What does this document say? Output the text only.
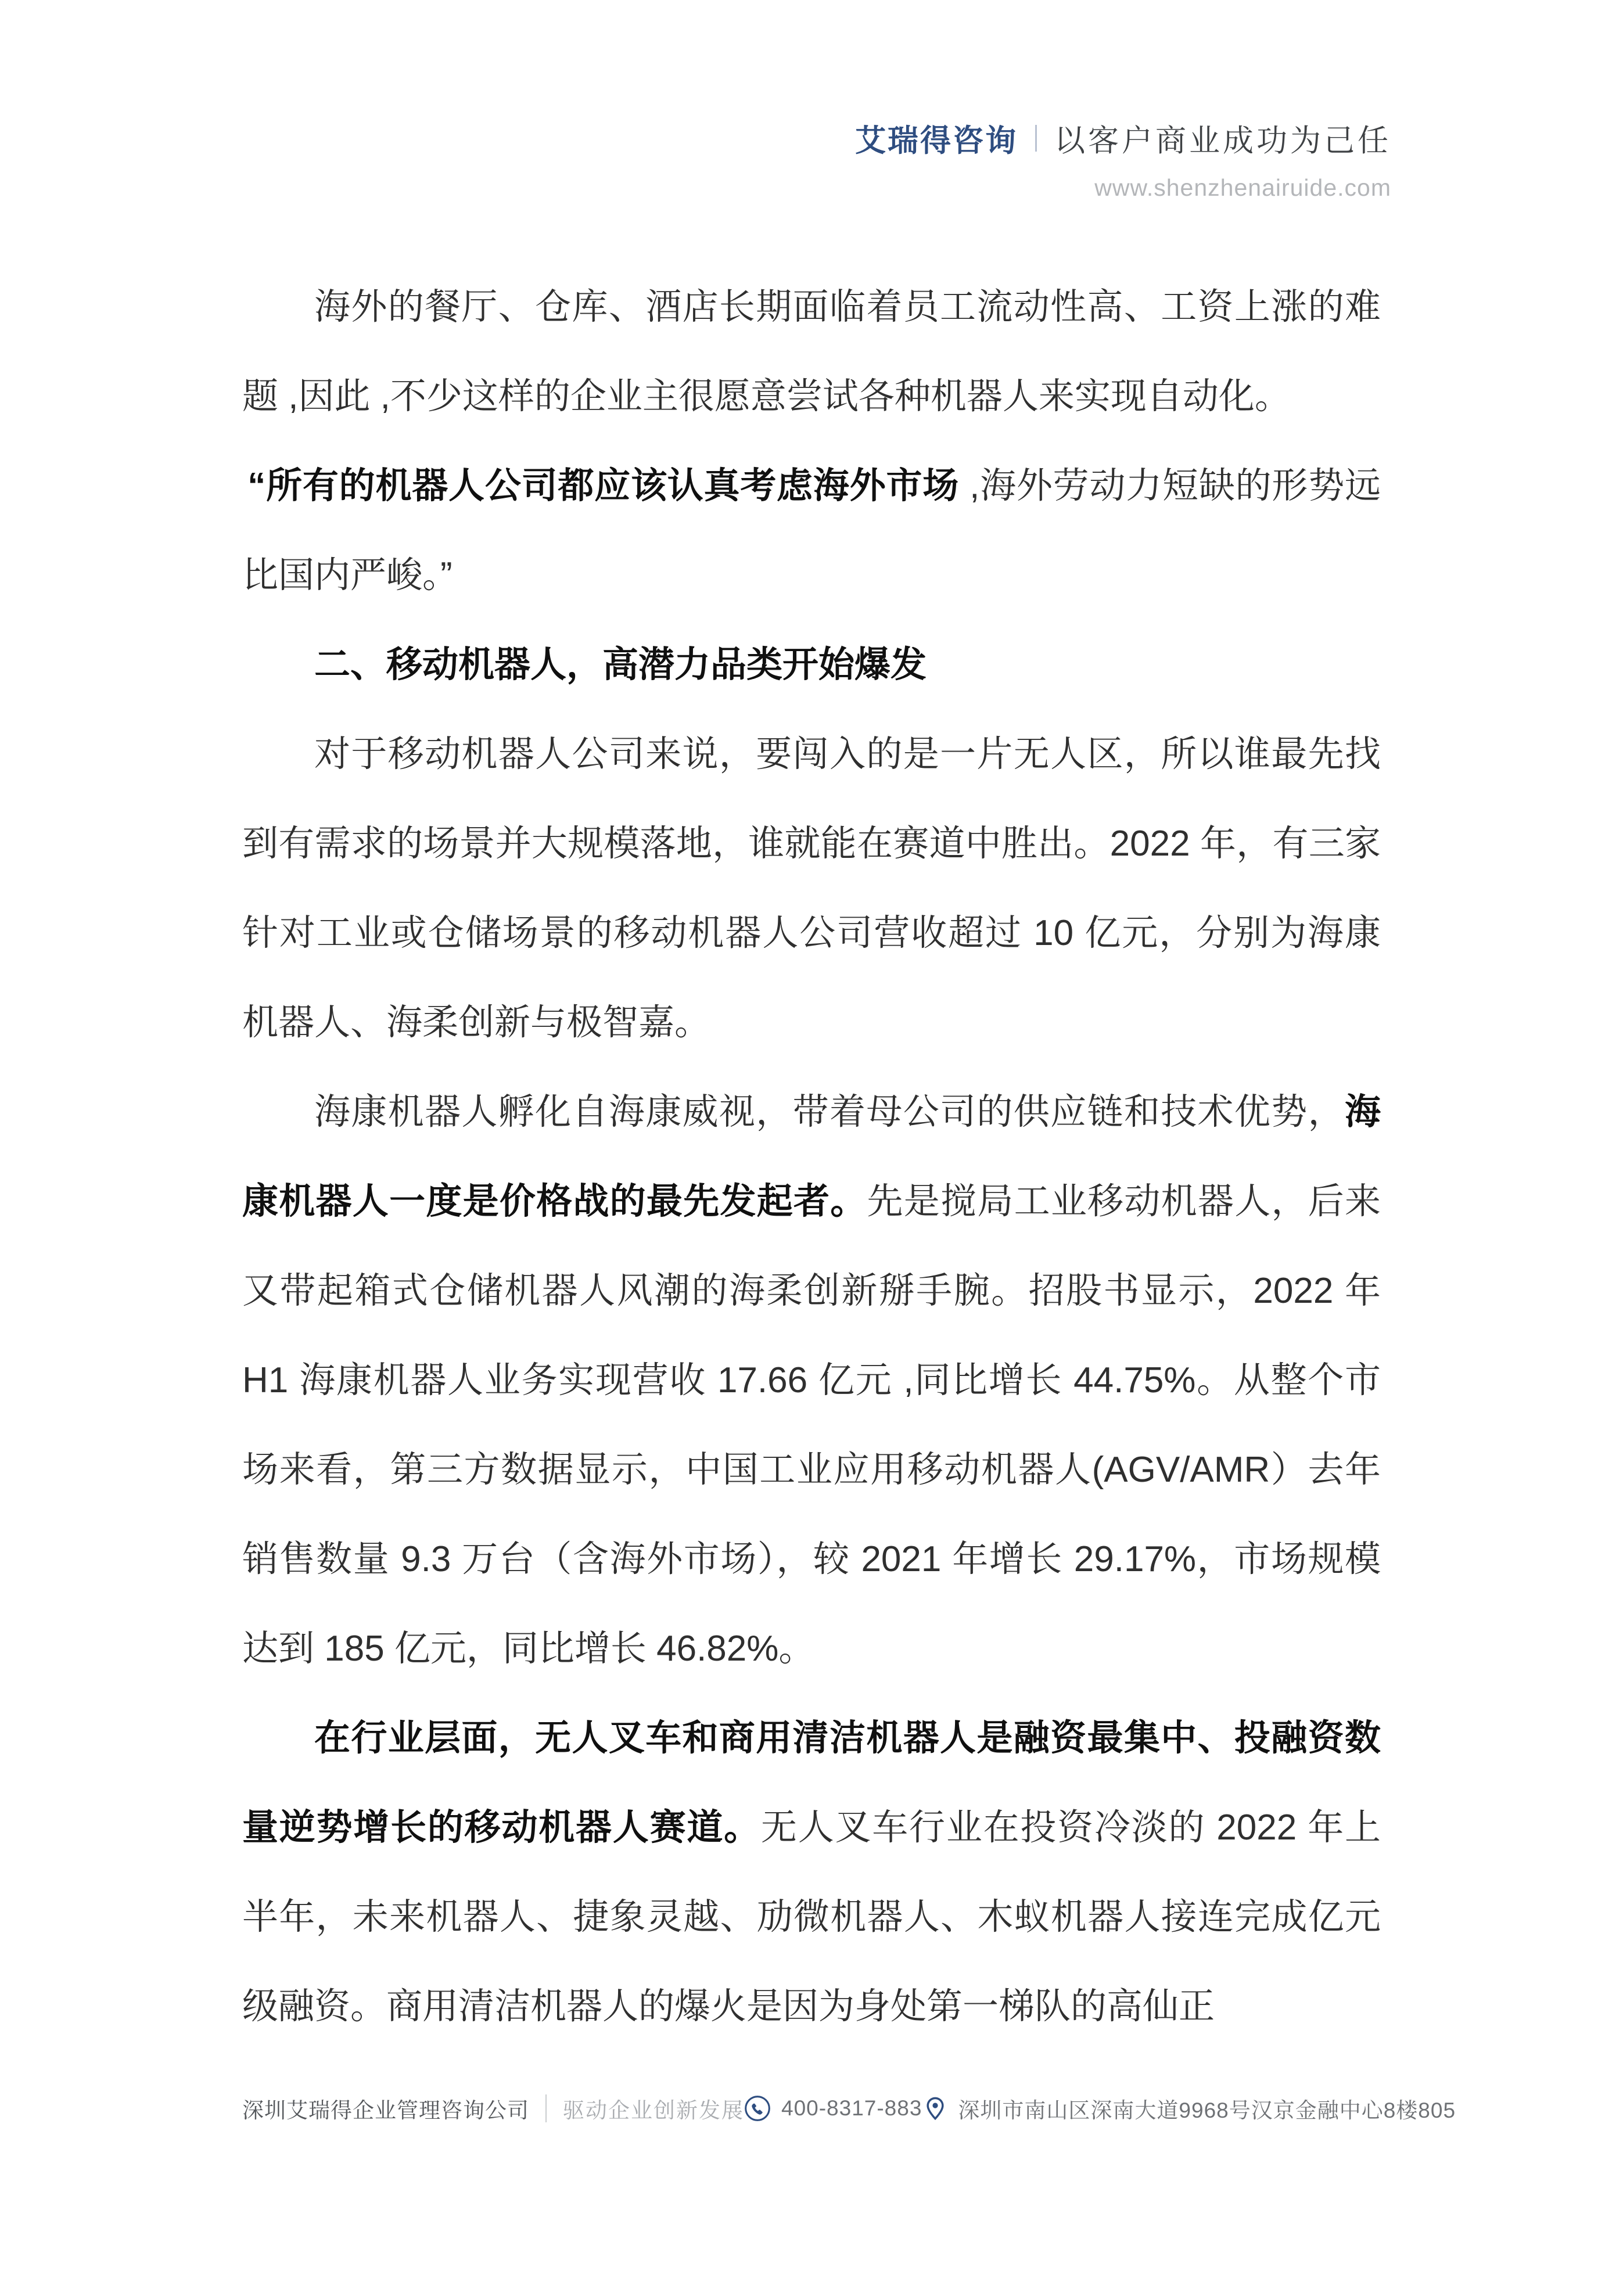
艾瑞得咨询 以客户商业成功为己任
www.shenzhenairuide.com

海外的餐厅、仓库、酒店长期面临着员工流动性高、工资上涨的难题 ,因此 ,不少这样的企业主很愿意尝试各种机器人来实现自动化。

“所有的机器人公司都应该认真考虑海外市场 ,海外劳动力短缺的形势远比国内严峻。”

二、移动机器人，高潜力品类开始爆发

对于移动机器人公司来说，要闯入的是一片无人区，所以谁最先找到有需求的场景并大规模落地，谁就能在赛道中胜出。2022 年，有三家针对工业或仓储场景的移动机器人公司营收超过 10 亿元，分别为海康机器人、海柔创新与极智嘉。

海康机器人孵化自海康威视，带着母公司的供应链和技术优势，海康机器人一度是价格战的最先发起者。先是搅局工业移动机器人，后来又带起箱式仓储机器人风潮的海柔创新掰手腕。招股书显示，2022 年 H1 海康机器人业务实现营收 17.66 亿元 ,同比增长 44.75%。从整个市场来看，第三方数据显示，中国工业应用移动机器人(AGV/AMR）去年销售数量 9.3 万台（含海外市场），较 2021 年增长 29.17%，市场规模达到 185 亿元，同比增长 46.82%。

在行业层面，无人叉车和商用清洁机器人是融资最集中、投融资数量逆势增长的移动机器人赛道。无人叉车行业在投资冷淡的 2022 年上半年，未来机器人、捷象灵越、劢微机器人、木蚁机器人接连完成亿元级融资。商用清洁机器人的爆火是因为身处第一梯队的高仙正

深圳艾瑞得企业管理咨询公司 驱动企业创新发展 400-8317-883 深圳市南山区深南大道9968号汉京金融中心8楼805
